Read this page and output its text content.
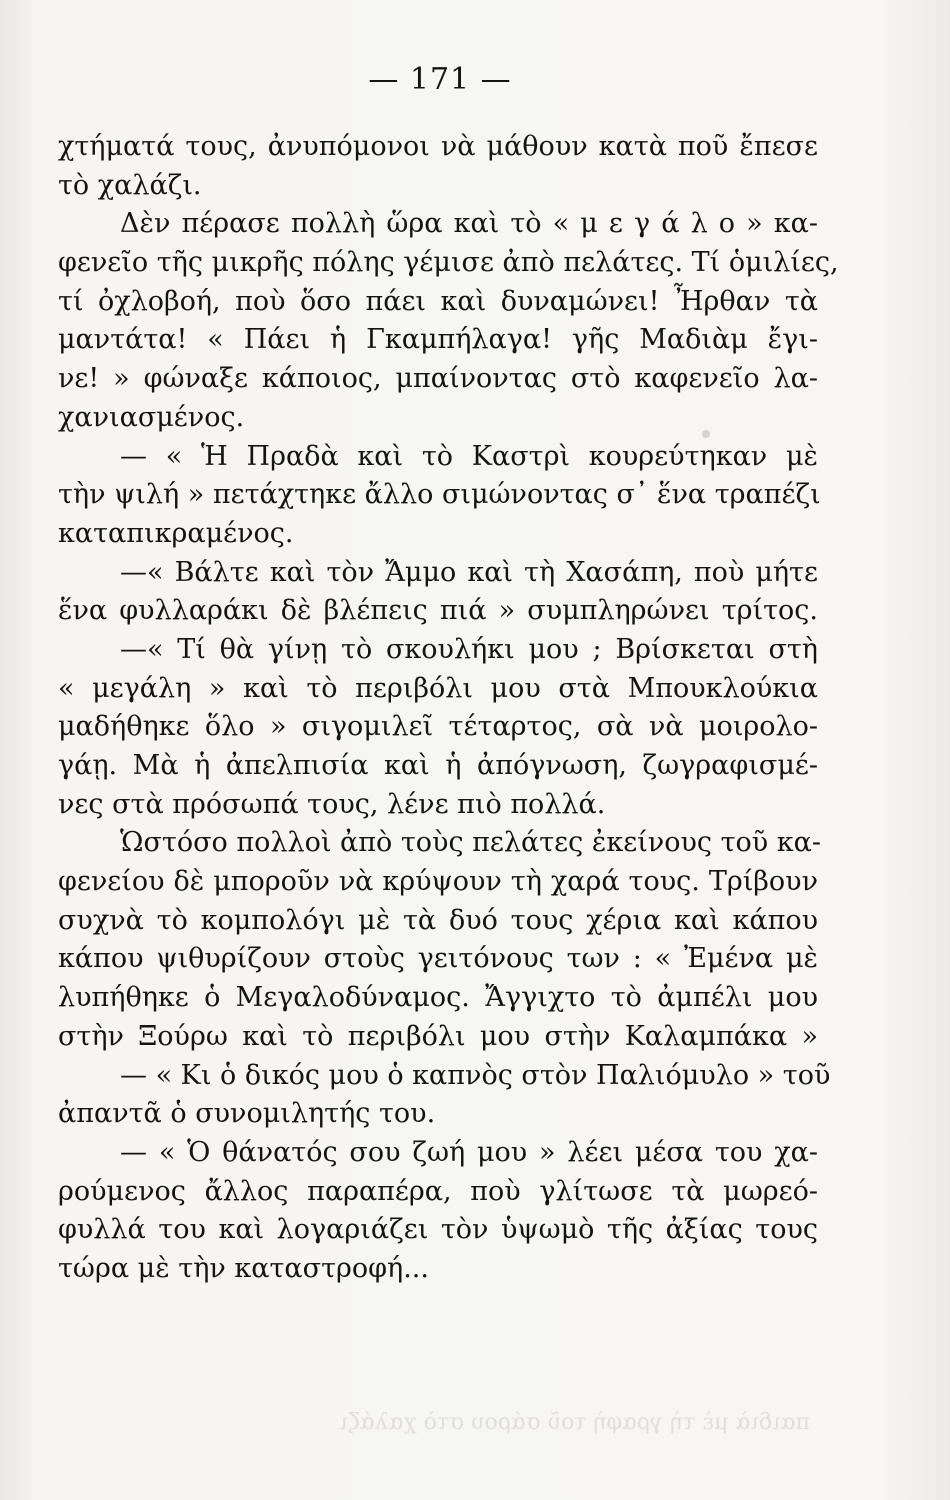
— 171 —
χτήματά τους, ἀνυπόμονοι νὰ μάθουν κατὰ ποῦ ἔπεσε
τὸ χαλάζι.
Δὲν πέρασε πολλὴ ὥρα καὶ τὸ « μ ε γ ά λ ο » κα-
φενεῖο τῆς μικρῆς πόλης γέμισε ἀπὸ πελάτες. Τί ὁμιλίες,
τί ὀχλοβοή, ποὺ ὅσο πάει καὶ δυναμώνει! Ἦρθαν τὰ
μαντάτα! « Πάει ἡ Γκαμπήλαγα! γῆς Μαδιὰμ ἔγι-
νε! » φώναξε κάποιος, μπαίνοντας στὸ καφενεῖο λα-
χανιασμένος.
— « Ἡ Πραδὰ καὶ τὸ Καστρὶ κουρεύτηκαν μὲ
τὴν ψιλή » πετάχτηκε ἄλλο σιμώνοντας σ᾽ ἕνα τραπέζι
καταπικραμένος.
—« Βάλτε καὶ τὸν Ἄμμο καὶ τὴ Χασάπη, ποὺ μήτε
ἕνα φυλλαράκι δὲ βλέπεις πιά » συμπληρώνει τρίτος.
—« Τί θὰ γίνῃ τὸ σκουλήκι μου ; Βρίσκεται στὴ
« μεγάλη » καὶ τὸ περιβόλι μου στὰ Μπουκλούκια
μαδήθηκε ὅλο » σιγομιλεῖ τέταρτος, σὰ νὰ μοιρολο-
γάῃ. Μὰ ἡ ἀπελπισία καὶ ἡ ἀπόγνωση, ζωγραφισμέ-
νες στὰ πρόσωπά τους, λένε πιὸ πολλά.
Ὡστόσο πολλοὶ ἀπὸ τοὺς πελάτες ἐκείνους τοῦ κα-
φενείου δὲ μποροῦν νὰ κρύψουν τὴ χαρά τους. Τρίβουν
συχνὰ τὸ κομπολόγι μὲ τὰ δυό τους χέρια καὶ κάπου
κάπου ψιθυρίζουν στοὺς γειτόνους των : « Ἐμένα μὲ
λυπήθηκε ὁ Μεγαλοδύναμος. Ἄγγιχτο τὸ ἀμπέλι μου
στὴν Ξούρω καὶ τὸ περιβόλι μου στὴν Καλαμπάκα »
— « Κι ὁ δικός μου ὁ καπνὸς στὸν Παλιόμυλο » τοῦ
ἀπαντᾶ ὁ συνομιλητής του.
— « Ὁ θάνατός σου ζωή μου » λέει μέσα του χα-
ρούμενος ἄλλος παραπέρα, ποὺ γλίτωσε τὰ μωρεό-
φυλλά του καὶ λογαριάζει τὸν ὑψωμὸ τῆς ἀξίας τους
τώρα μὲ τὴν καταστροφή...
παιδιὰ μὲ τὴ γραφὴ τοῦ σάρου στὸ χαλάζι
